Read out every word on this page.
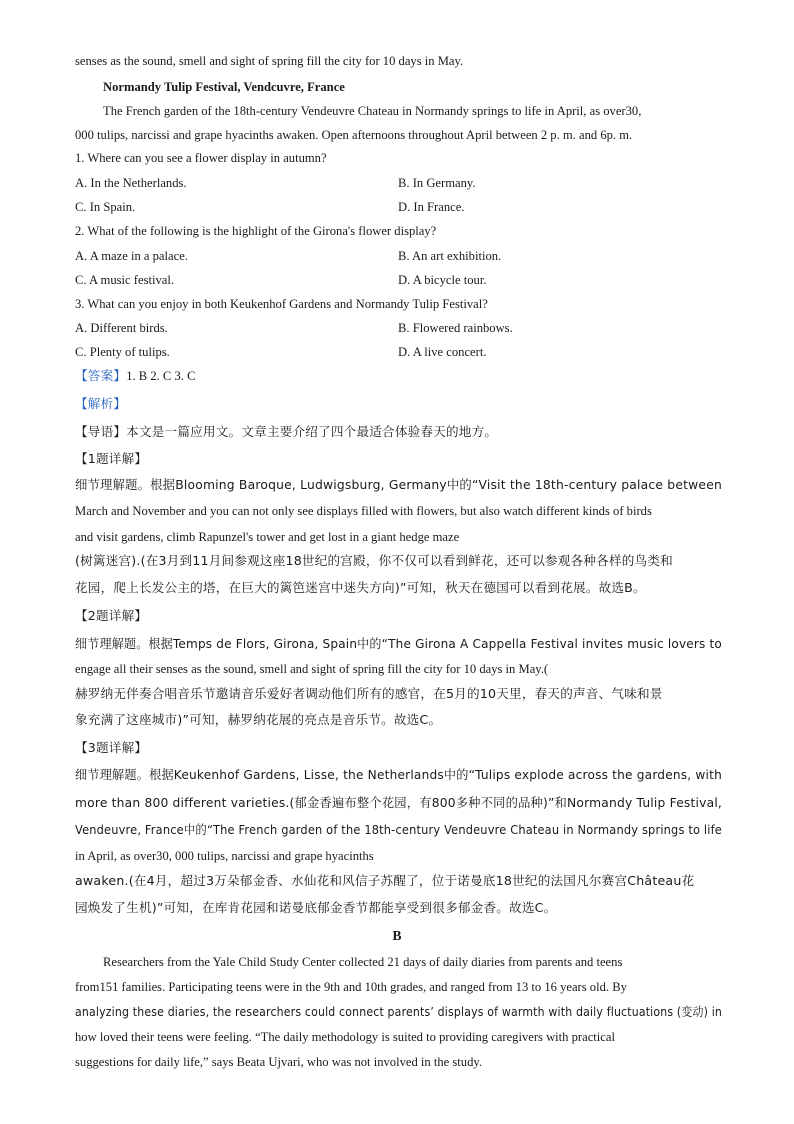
senses as the sound, smell and sight of spring fill the city for 10 days in May.
Normandy Tulip Festival, Vendcuvre, France
The French garden of the 18th-century Vendeuvre Chateau in Normandy springs to life in April, as over30,
000 tulips, narcissi and grape hyacinths awaken. Open afternoons throughout April between 2 p. m. and 6p. m.
1. Where can you see a flower display in autumn?
A. In the Netherlands.	B. In Germany.
C. In Spain.	D. In France.
2. What of the following is the highlight of the Girona's flower display?
A. A maze in a palace.	B. An art exhibition.
C. A music festival.	D. A bicycle tour.
3. What can you enjoy in both Keukenhof Gardens and Normandy Tulip Festival?
A. Different birds.	B. Flowered rainbows.
C. Plenty of tulips.	D. A live concert.
【答案】1. B 2. C 3. C
【解析】
【导语】本文是一篇应用文。文章主要介绍了四个最适合体验春天的地方。
【1题详解】
细节理解题。根据Blooming Baroque, Ludwigsburg, Germany中的“Visit the 18th-century palace between
March and November and you can not only see displays filled with flowers, but also watch different kinds of birds
and visit gardens, climb Rapunzel's tower and get lost in a giant hedge maze
(树篱迷宫).(在3月到11月间参观这座18世纪的宫殿，你不仅可以看到鲜花，还可以参观各种各样的鸟类和
花园，爬上长发公主的塔，在巨大的篱笆迷宫中迷失方向)”可知，秋天在德国可以看到花展。故选B。
【2题详解】
细节理解题。根据Temps de Flors, Girona, Spain中的“The Girona A Cappella Festival invites music lovers to
engage all their senses as the sound, smell and sight of spring fill the city for 10 days in May.(
赫罗纳无伴奏合唱音乐节邀请音乐爱好者调动他们所有的感官，在5月的10天里，春天的声音、气味和景
象充满了这座城市)”可知，赫罗纳花展的亮点是音乐节。故选C。
【3题详解】
细节理解题。根据Keukenhof Gardens, Lisse, the Netherlands中的“Tulips explode across the gardens, with
more than 800 different varieties.(郁金香遍布整个花园，有800多种不同的品种)”和Normandy Tulip Festival,
Vendeuvre, France中的“The French garden of the 18th-century Vendeuvre Chateau in Normandy springs to life
in April, as over30, 000 tulips, narcissi and grape hyacinths
awaken.(在4月，超过3万朵郁金香、水仙花和风信子苏醒了，位于诺曼底18世纪的法国凡尔赛宫Château花
园焕发了生机)”可知，在库肯花园和诺曼底郁金香节都能享受到很多郁金香。故选C。
B
Researchers from the Yale Child Study Center collected 21 days of daily diaries from parents and teens
from151 families. Participating teens were in the 9th and 10th grades, and ranged from 13 to 16 years old. By
analyzing these diaries, the researchers could connect parents’ displays of warmth with daily fluctuations (变动) in
how loved their teens were feeling. “The daily methodology is suited to providing caregivers with practical
suggestions for daily life,” says Beata Ujvari, who was not involved in the study.
